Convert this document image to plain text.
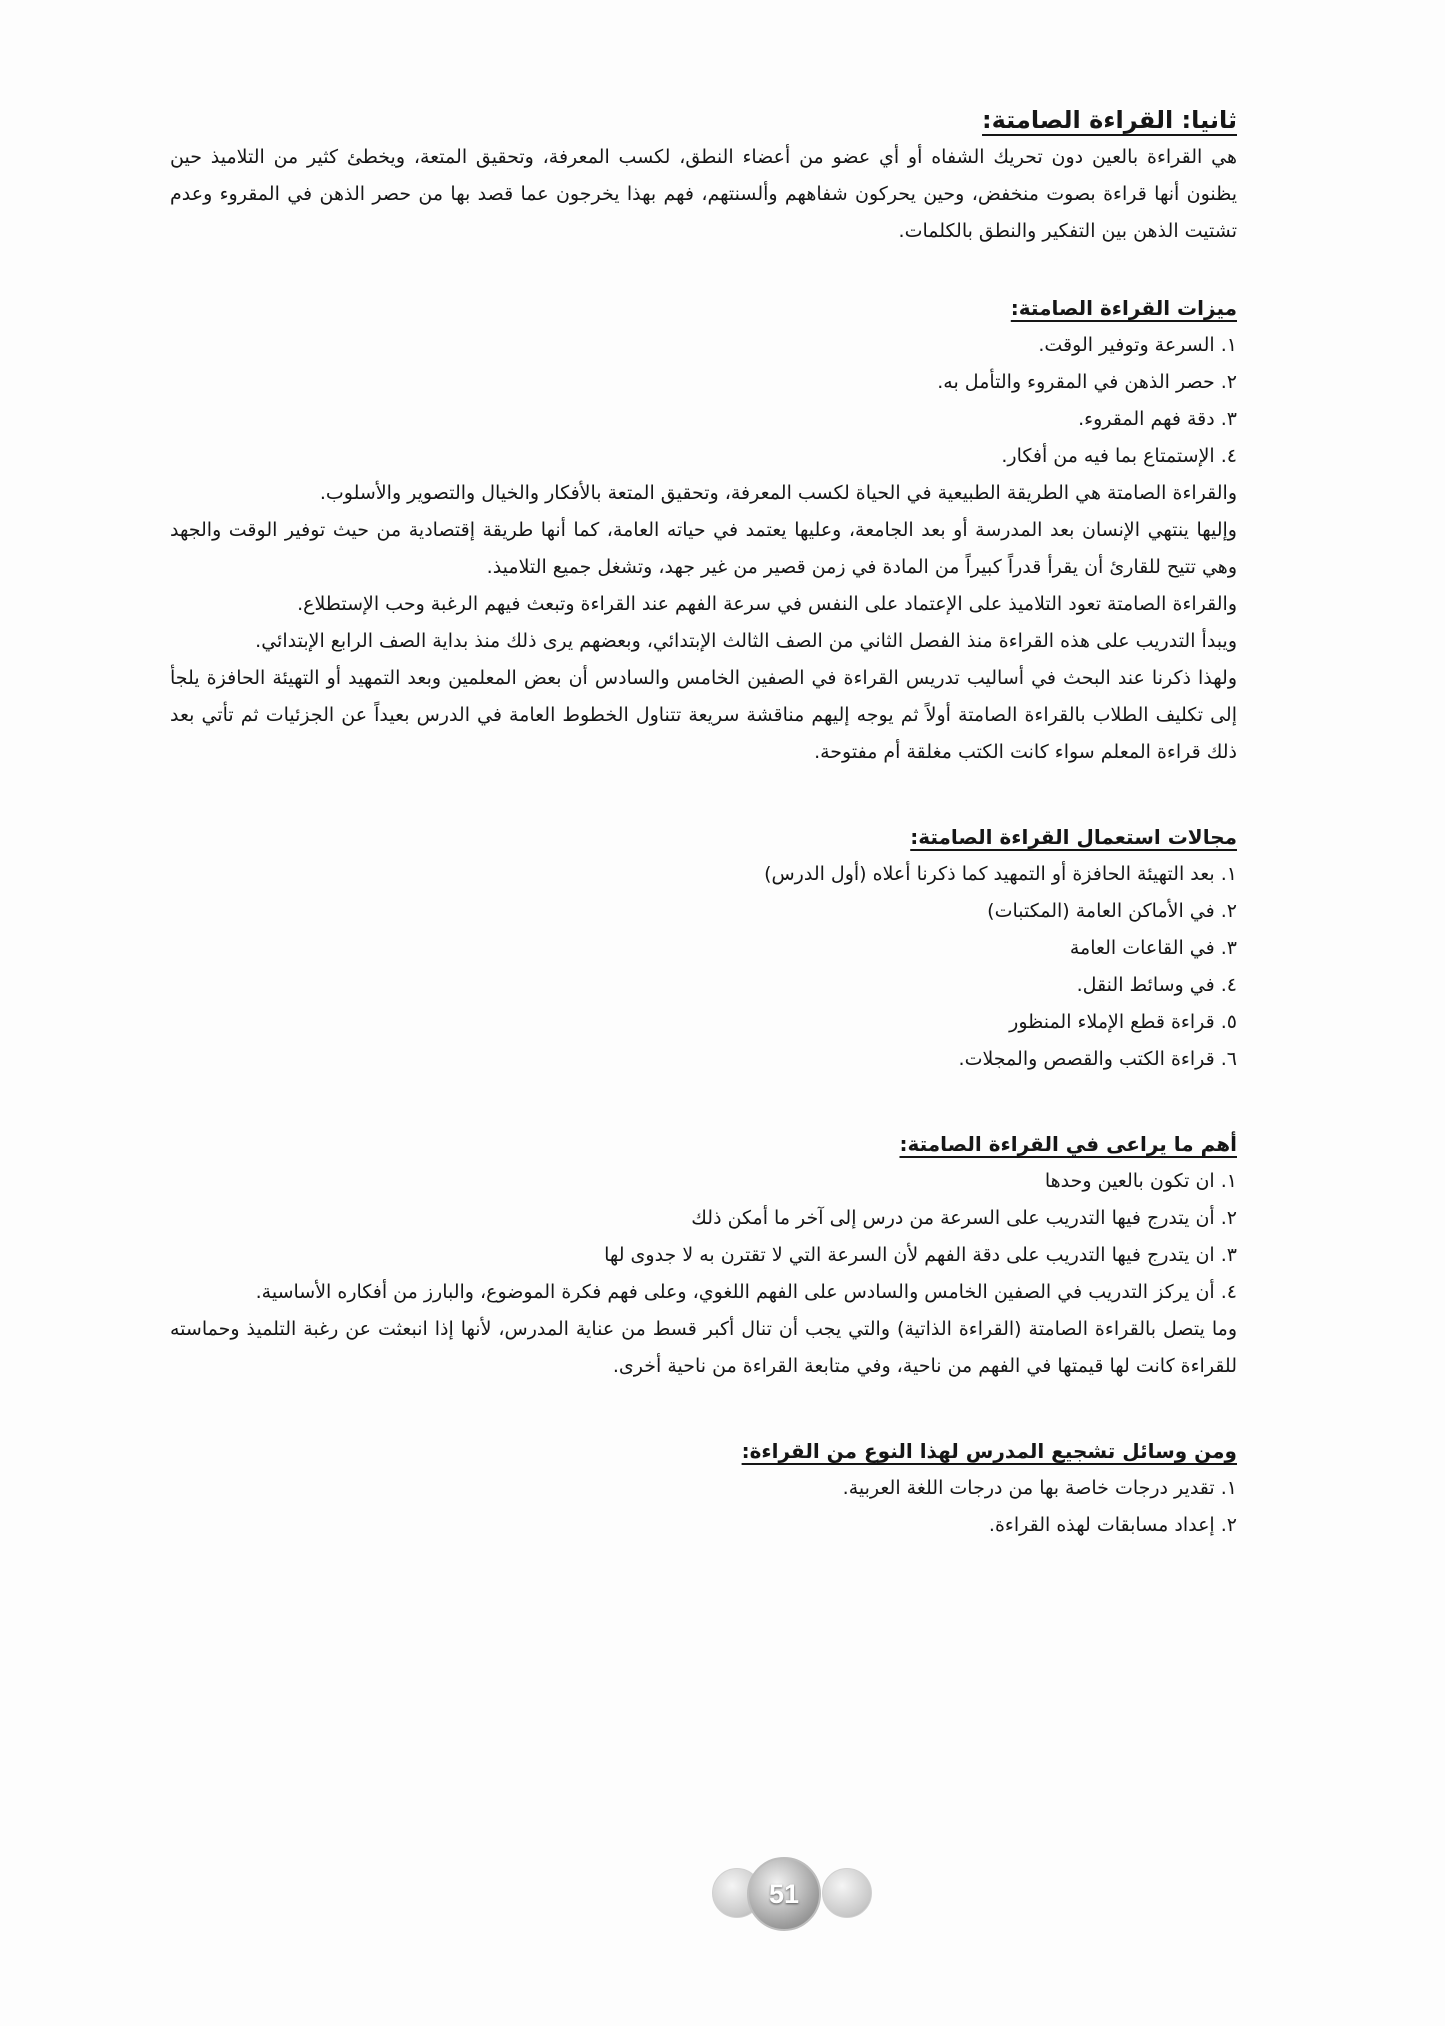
ثانيا: القراءة الصامتة:

هي القراءة بالعين دون تحريك الشفاه أو أي عضو من أعضاء النطق، لكسب المعرفة، وتحقيق المتعة، ويخطئ كثير من التلاميذ حين يظنون أنها قراءة بصوت منخفض، وحين يحركون شفاههم وألسنتهم، فهم بهذا يخرجون عما قصد بها من حصر الذهن في المقروء وعدم تشتيت الذهن بين التفكير والنطق بالكلمات.

ميزات القراءة الصامتة:
١. السرعة وتوفير الوقت.
٢. حصر الذهن في المقروء والتأمل به.
٣. دقة فهم المقروء.
٤. الإستمتاع بما فيه من أفكار.

والقراءة الصامتة هي الطريقة الطبيعية في الحياة لكسب المعرفة، وتحقيق المتعة بالأفكار والخيال والتصوير والأسلوب.

وإليها ينتهي الإنسان بعد المدرسة أو بعد الجامعة، وعليها يعتمد في حياته العامة، كما أنها طريقة إقتصادية من حيث توفير الوقت والجهد وهي تتيح للقارئ أن يقرأ قدراً كبيراً من المادة في زمن قصير من غير جهد، وتشغل جميع التلاميذ.

والقراءة الصامتة تعود التلاميذ على الإعتماد على النفس في سرعة الفهم عند القراءة وتبعث فيهم الرغبة وحب الإستطلاع.

ويبدأ التدريب على هذه القراءة منذ الفصل الثاني من الصف الثالث الإبتدائي، وبعضهم يرى ذلك منذ بداية الصف الرابع الإبتدائي.

ولهذا ذكرنا عند البحث في أساليب تدريس القراءة في الصفين الخامس والسادس أن بعض المعلمين وبعد التمهيد أو التهيئة الحافزة يلجأ إلى تكليف الطلاب بالقراءة الصامتة أولاً ثم يوجه إليهم مناقشة سريعة تتناول الخطوط العامة في الدرس بعيداً عن الجزئيات ثم تأتي بعد ذلك قراءة المعلم سواء كانت الكتب مغلقة أم مفتوحة.

مجالات استعمال القراءة الصامتة:
١. بعد التهيئة الحافزة أو التمهيد كما ذكرنا أعلاه (أول الدرس)
٢. في الأماكن العامة (المكتبات)
٣. في القاعات العامة
٤. في وسائط النقل.
٥. قراءة قطع الإملاء المنظور
٦. قراءة الكتب والقصص والمجلات.
أهم ما يراعى في القراءة الصامتة:
١. ان تكون بالعين وحدها
٢. أن يتدرج فيها التدريب على السرعة من درس إلى آخر ما أمكن ذلك
٣. ان يتدرج فيها التدريب على دقة الفهم لأن السرعة التي لا تقترن به لا جدوى لها
٤. أن يركز التدريب في الصفين الخامس والسادس على الفهم اللغوي، وعلى فهم فكرة الموضوع، والبارز من أفكاره الأساسية.

وما يتصل بالقراءة الصامتة (القراءة الذاتية) والتي يجب أن تنال أكبر قسط من عناية المدرس، لأنها إذا انبعثت عن رغبة التلميذ وحماسته للقراءة كانت لها قيمتها في الفهم من ناحية، وفي متابعة القراءة من ناحية أخرى.

ومن وسائل تشجيع المدرس لهذا النوع من القراءة:
١. تقدير درجات خاصة بها من درجات اللغة العربية.
٢. إعداد مسابقات لهذه القراءة.
51
